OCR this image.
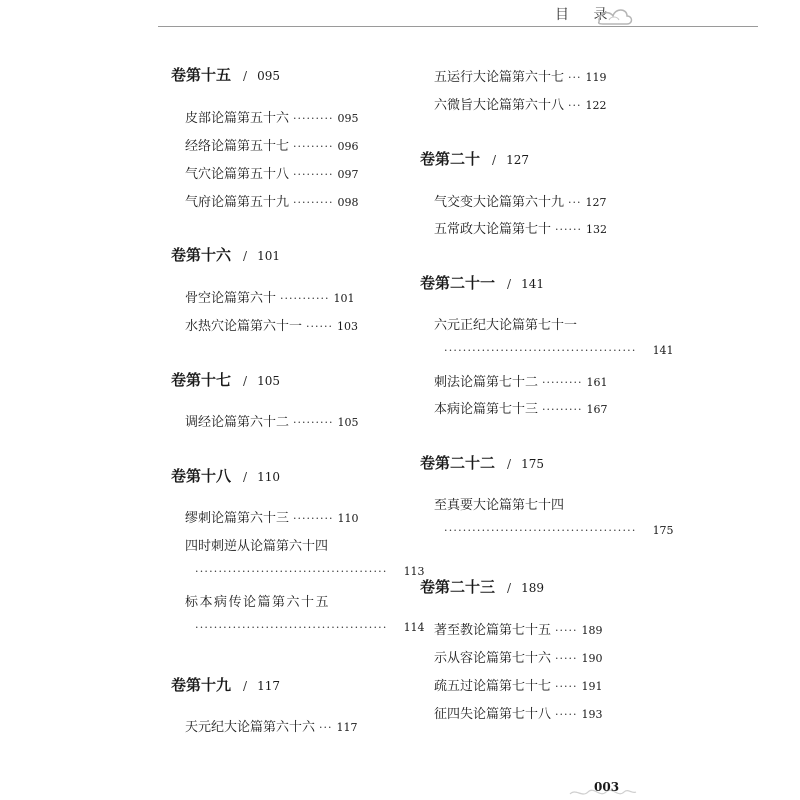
目 录
卷第十五 / 095
皮部论篇第五十六 ········· 095
经络论篇第五十七 ········· 096
气穴论篇第五十八 ········· 097
气府论篇第五十九 ········· 098
卷第十六 / 101
骨空论篇第六十 ··········· 101
水热穴论篇第六十一 ······ 103
卷第十七 / 105
调经论篇第六十二 ········· 105
卷第十八 / 110
缪刺论篇第六十三 ········· 110
四时刺逆从论篇第六十四
········································· 113
标本病传论篇第六十五
········································· 114
卷第十九 / 117
天元纪大论篇第六十六 ··· 117
五运行大论篇第六十七 ··· 119
六微旨大论篇第六十八 ··· 122
卷第二十 / 127
气交变大论篇第六十九 ··· 127
五常政大论篇第七十 ······ 132
卷第二十一 / 141
六元正纪大论篇第七十一
········································· 141
刺法论篇第七十二 ········· 161
本病论篇第七十三 ········· 167
卷第二十二 / 175
至真要大论篇第七十四
········································· 175
卷第二十三 / 189
著至教论篇第七十五 ····· 189
示从容论篇第七十六 ····· 190
疏五过论篇第七十七 ····· 191
征四失论篇第七十八 ····· 193
003
